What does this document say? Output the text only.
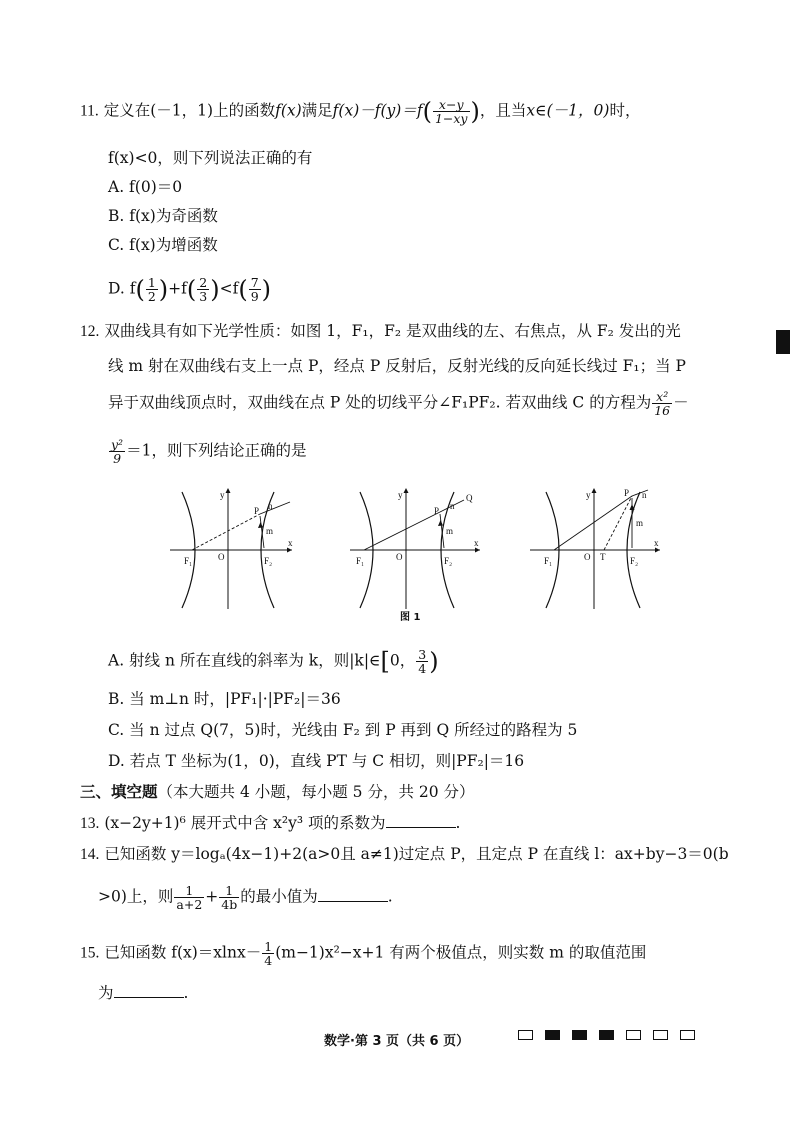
11. 定义在(－1，1)上的函数f(x)满足$f(x)-f(y)=f( \frac{x-y}{1-xy}$ )，且当x∈(－1，0)时，
f(x)<0，则下列说法正确的有
A. f(0)＝0
B. f(x)为奇函数
C. f(x)为增函数
D. $f( \frac{1}{2} )+f( \frac{2}{3} )<f( \frac{7}{9}$ )
12. 双曲线具有如下光学性质：如图 1，F₁，F₂ 是双曲线的左、右焦点，从 F₂ 发出的光
线 m 射在双曲线右支上一点 P，经点 P 反射后，反射光线的反向延长线过 F₁；当 P
异于双曲线顶点时，双曲线在点 P 处的切线平分∠F₁PF₂. 若双曲线 C 的方程为 $\frac{\text{x²}}{16}$ －
$\frac{\text{y²}}{9} =1$，则下列结论正确的是
y
x
O
F₁	F₂
P n
m
y
x
O
F₁	F₂
P n
Q
m
y
x
O T
F₁	F₂
P n
m
图 1
A. 射线 n 所在直线的斜率为 k，则|k|∈[0， $\frac{3}{4}$ )
B. 当 m⊥n 时，|PF₁|·|PF₂|＝36
C. 当 n 过点 Q(7，5)时，光线由 F₂ 到 P 再到 Q 所经过的路程为 5
D. 若点 T 坐标为(1，0)，直线 PT 与 C 相切，则|PF₂|＝16
三、填空题（本大题共 4 小题，每小题 5 分，共 20 分）
13. (x−2y+1)⁶ 展开式中含 x²y³ 项的系数为	.
14. 已知函数 y＝logₐ(4x−1)+2(a>0且 a≠1)过定点 P，且定点 P 在直线 l：ax+by−3＝0(b
>0)上，则 $\frac{1}{a+2} + \frac{1}{4b}$ 的最小值为	.
15. 已知函数 $f(x)=xlnx- \frac{1}{4} (m-1)x^2-x+1$ 有两个极值点，则实数 m 的取值范围
为	.
数学·第 3 页（共 6 页）
